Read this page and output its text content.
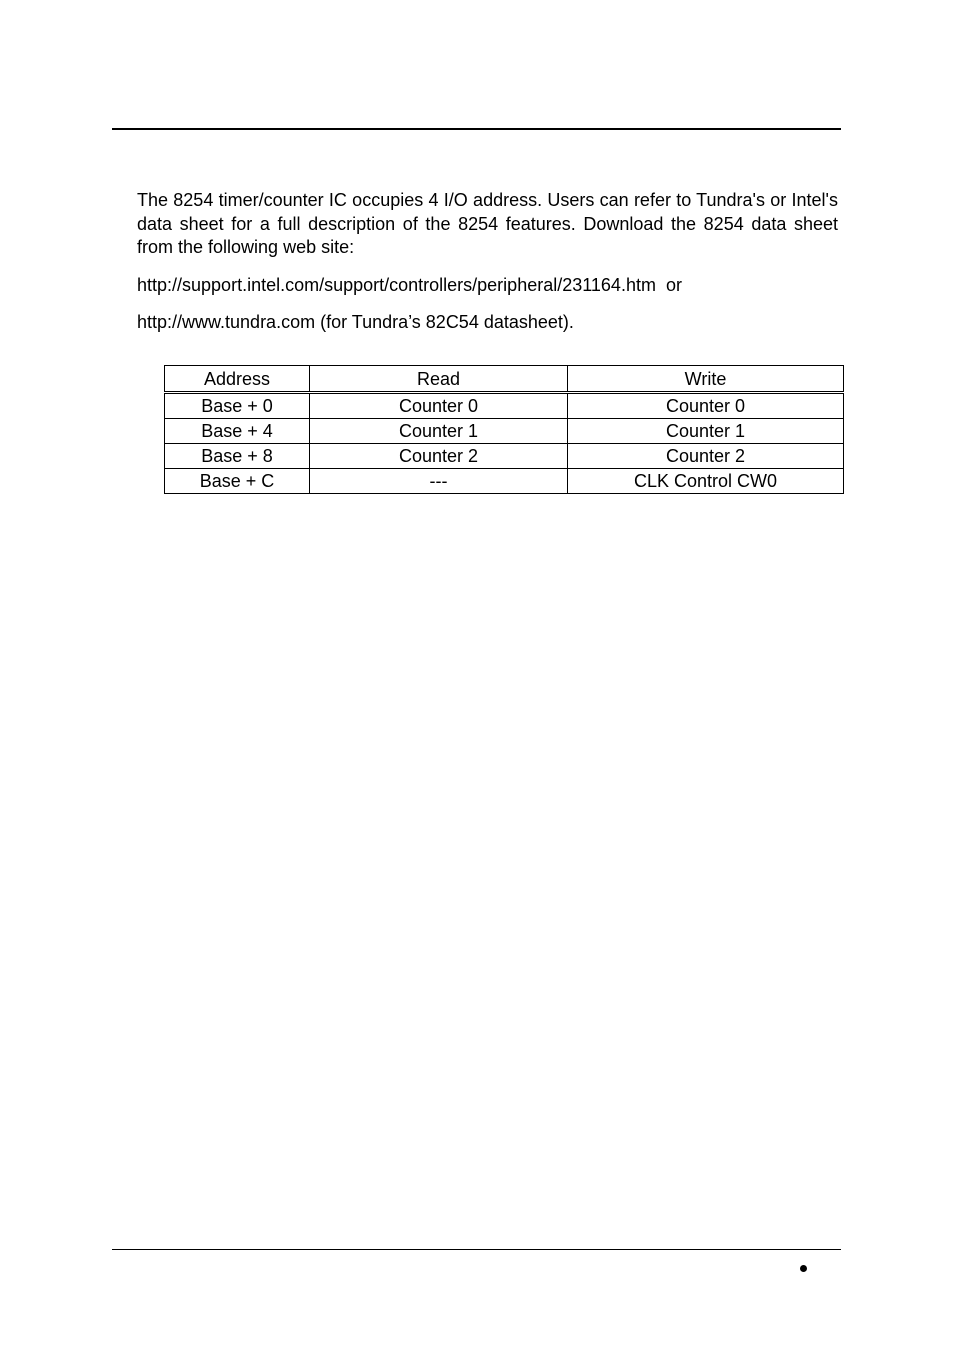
The 8254 timer/counter IC occupies 4 I/O address. Users can refer to Tundra's or Intel's data sheet for a full description of the 8254 features. Download the 8254 data sheet from the following web site:

http://support.intel.com/support/controllers/peripheral/231164.htm  or

http://www.tundra.com (for Tundra’s 82C54 datasheet).

Address	Read	Write
Base + 0	Counter 0	Counter 0
Base + 4	Counter 1	Counter 1
Base + 8	Counter 2	Counter 2
Base + C	---	CLK Control CW0
